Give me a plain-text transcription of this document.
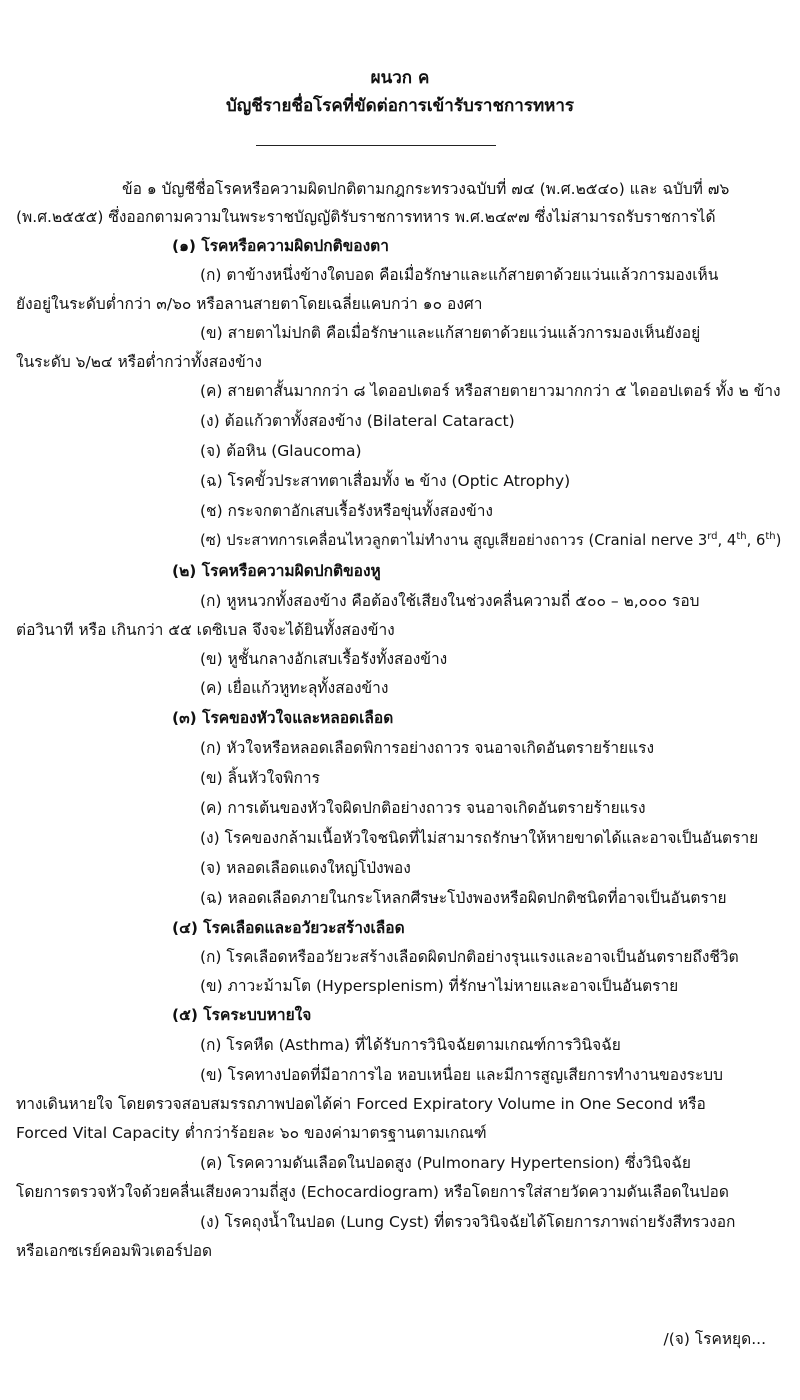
ผนวก ค
บัญชีรายชื่อโรคที่ขัดต่อการเข้ารับราชการทหาร
ข้อ ๑ บัญชีชื่อโรคหรือความผิดปกติตามกฎกระทรวงฉบับที่ ๗๔ (พ.ศ.๒๕๔๐) และ ฉบับที่ ๗๖
(พ.ศ.๒๕๕๕) ซึ่งออกตามความในพระราชบัญญัติรับราชการทหาร พ.ศ.๒๔๙๗ ซึ่งไม่สามารถรับราชการได้
(๑) โรคหรือความผิดปกติของตา
(ก) ตาข้างหนึ่งข้างใดบอด คือเมื่อรักษาและแก้สายตาด้วยแว่นแล้วการมองเห็น
ยังอยู่ในระดับต่ำกว่า ๓/๖๐ หรือลานสายตาโดยเฉลี่ยแคบกว่า ๑๐ องศา
(ข) สายตาไม่ปกติ คือเมื่อรักษาและแก้สายตาด้วยแว่นแล้วการมองเห็นยังอยู่
ในระดับ ๖/๒๔ หรือต่ำกว่าทั้งสองข้าง
(ค) สายตาสั้นมากกว่า ๘ ไดออปเตอร์ หรือสายตายาวมากกว่า ๕ ไดออปเตอร์ ทั้ง ๒ ข้าง
(ง) ต้อแก้วตาทั้งสองข้าง (Bilateral Cataract)
(จ) ต้อหิน (Glaucoma)
(ฉ) โรคขั้วประสาทตาเสื่อมทั้ง ๒ ข้าง (Optic Atrophy)
(ช) กระจกตาอักเสบเรื้อรังหรือขุ่นทั้งสองข้าง
(ซ) ประสาทการเคลื่อนไหวลูกตาไม่ทำงาน สูญเสียอย่างถาวร (Cranial nerve 3rd, 4th, 6th)
(๒) โรคหรือความผิดปกติของหู
(ก) หูหนวกทั้งสองข้าง คือต้องใช้เสียงในช่วงคลื่นความถี่ ๕๐๐ – ๒,๐๐๐ รอบ
ต่อวินาที หรือ เกินกว่า ๕๕ เดซิเบล จึงจะได้ยินทั้งสองข้าง
(ข) หูชั้นกลางอักเสบเรื้อรังทั้งสองข้าง
(ค) เยื่อแก้วหูทะลุทั้งสองข้าง
(๓) โรคของหัวใจและหลอดเลือด
(ก) หัวใจหรือหลอดเลือดพิการอย่างถาวร จนอาจเกิดอันตรายร้ายแรง
(ข) ลิ้นหัวใจพิการ
(ค) การเต้นของหัวใจผิดปกติอย่างถาวร จนอาจเกิดอันตรายร้ายแรง
(ง) โรคของกล้ามเนื้อหัวใจชนิดที่ไม่สามารถรักษาให้หายขาดได้และอาจเป็นอันตราย
(จ) หลอดเลือดแดงใหญ่โป่งพอง
(ฉ) หลอดเลือดภายในกระโหลกศีรษะโป่งพองหรือผิดปกติชนิดที่อาจเป็นอันตราย
(๔) โรคเลือดและอวัยวะสร้างเลือด
(ก) โรคเลือดหรืออวัยวะสร้างเลือดผิดปกติอย่างรุนแรงและอาจเป็นอันตรายถึงชีวิต
(ข) ภาวะม้ามโต (Hypersplenism) ที่รักษาไม่หายและอาจเป็นอันตราย
(๕) โรคระบบหายใจ
(ก) โรคหืด (Asthma) ที่ได้รับการวินิจฉัยตามเกณฑ์การวินิจฉัย
(ข) โรคทางปอดที่มีอาการไอ หอบเหนื่อย และมีการสูญเสียการทำงานของระบบ
ทางเดินหายใจ โดยตรวจสอบสมรรถภาพปอดได้ค่า Forced Expiratory Volume in One Second หรือ
Forced Vital Capacity ต่ำกว่าร้อยละ ๖๐ ของค่ามาตรฐานตามเกณฑ์
(ค) โรคความดันเลือดในปอดสูง (Pulmonary Hypertension) ซึ่งวินิจฉัย
โดยการตรวจหัวใจด้วยคลื่นเสียงความถี่สูง (Echocardiogram) หรือโดยการใส่สายวัดความดันเลือดในปอด
(ง) โรคถุงน้ำในปอด (Lung Cyst) ที่ตรวจวินิจฉัยได้โดยการภาพถ่ายรังสีทรวงอก
หรือเอกซเรย์คอมพิวเตอร์ปอด
/(จ) โรคหยุด...
